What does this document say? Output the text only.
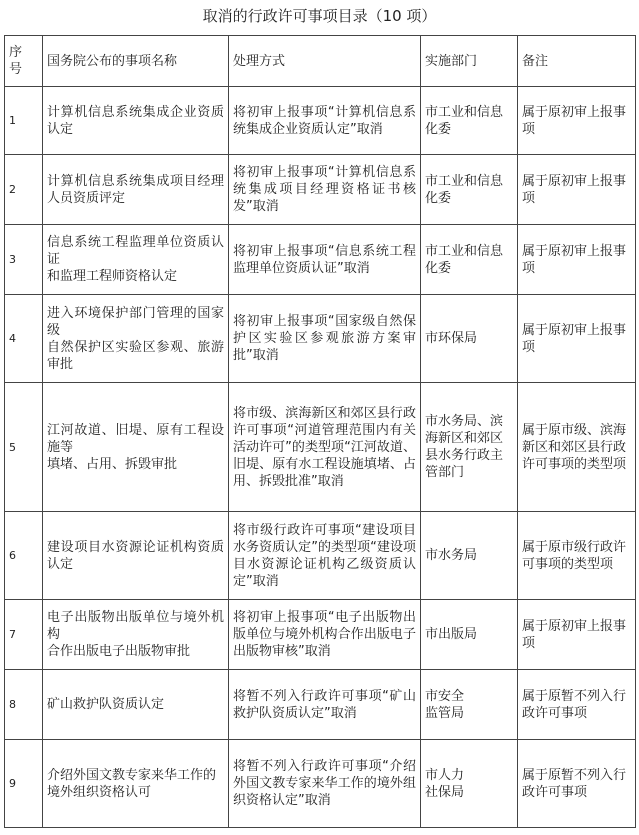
取消的行政许可事项目录（10 项）
序
号	国务院公布的事项名称	处理方式	实施部门	备注
1	计算机信息系统集成企业资质认定	将初审上报事项“计算机信息系统集成企业资质认定”取消	市工业和信息化委	属于原初审上报事项
2	计算机信息系统集成项目经理人员资质评定	将初审上报事项“计算机信息系统集成项目经理资格证书核发”取消	市工业和信息化委	属于原初审上报事项
3	信息系统工程监理单位资质认证
和监理工程师资格认定	将初审上报事项“信息系统工程监理单位资质认证”取消	市工业和信息化委	属于原初审上报事项
4	进入环境保护部门管理的国家级
自然保护区实验区参观、旅游审批	将初审上报事项“国家级自然保护区实验区参观旅游方案审批”取消	市环保局	属于原初审上报事项
5	江河故道、旧堤、原有工程设施等
填堵、占用、拆毁审批	将市级、滨海新区和郊区县行政许可事项“河道管理范围内有关活动许可”的类型项“江河故道、旧堤、原有水工程设施填堵、占用、拆毁批准”取消	市水务局、滨海新区和郊区县水务行政主管部门	属于原市级、滨海新区和郊区县行政许可事项的类型项
6	建设项目水资源论证机构资质认定	将市级行政许可事项“建设项目水务资质认定”的类型项“建设项目水资源论证机构乙级资质认定”取消	市水务局	属于原市级行政许可事项的类型项
7	电子出版物出版单位与境外机构
合作出版电子出版物审批	将初审上报事项“电子出版物出版单位与境外机构合作出版电子出版物审核”取消	市出版局	属于原初审上报事项
8	矿山救护队资质认定	将暂不列入行政许可事项“矿山救护队资质认定”取消	市安全
监管局	属于原暂不列入行政许可事项
9	介绍外国文教专家来华工作的
境外组织资格认可	将暂不列入行政许可事项“介绍外国文教专家来华工作的境外组织资格认定”取消	市人力
社保局	属于原暂不列入行政许可事项
